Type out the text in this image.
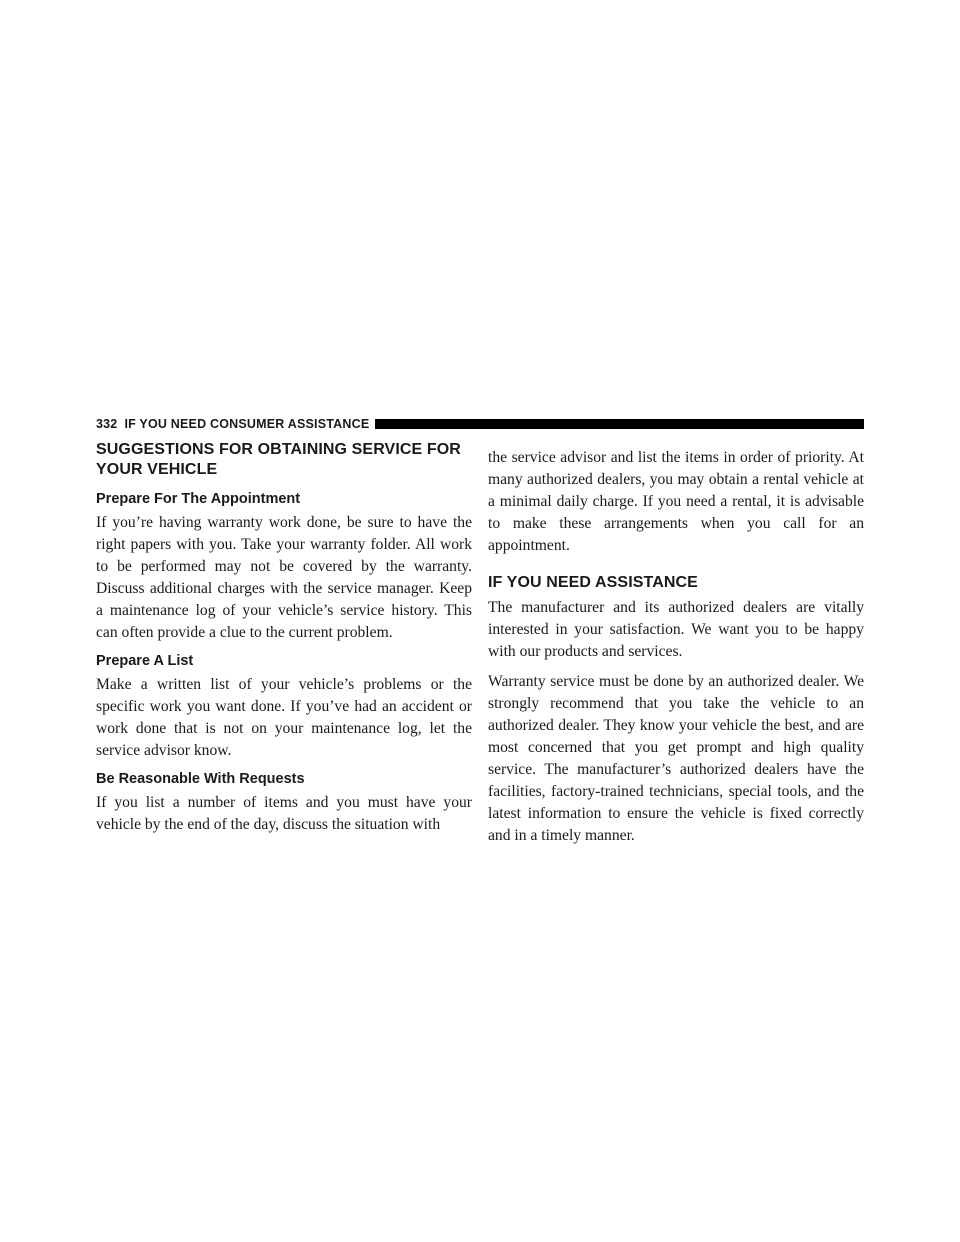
332 IF YOU NEED CONSUMER ASSISTANCE
SUGGESTIONS FOR OBTAINING SERVICE FOR YOUR VEHICLE
Prepare For The Appointment

If you’re having warranty work done, be sure to have the right papers with you. Take your warranty folder. All work to be performed may not be covered by the warranty. Discuss additional charges with the service manager. Keep a maintenance log of your vehicle’s service history. This can often provide a clue to the current problem.

Prepare A List

Make a written list of your vehicle’s problems or the specific work you want done. If you’ve had an accident or work done that is not on your maintenance log, let the service advisor know.

Be Reasonable With Requests

If you list a number of items and you must have your vehicle by the end of the day, discuss the situation with

the service advisor and list the items in order of priority. At many authorized dealers, you may obtain a rental vehicle at a minimal daily charge. If you need a rental, it is advisable to make these arrangements when you call for an appointment.

IF YOU NEED ASSISTANCE

The manufacturer and its authorized dealers are vitally interested in your satisfaction. We want you to be happy with our products and services.

Warranty service must be done by an authorized dealer. We strongly recommend that you take the vehicle to an authorized dealer. They know your vehicle the best, and are most concerned that you get prompt and high quality service. The manufacturer’s authorized dealers have the facilities, factory-trained technicians, special tools, and the latest information to ensure the vehicle is fixed correctly and in a timely manner.
